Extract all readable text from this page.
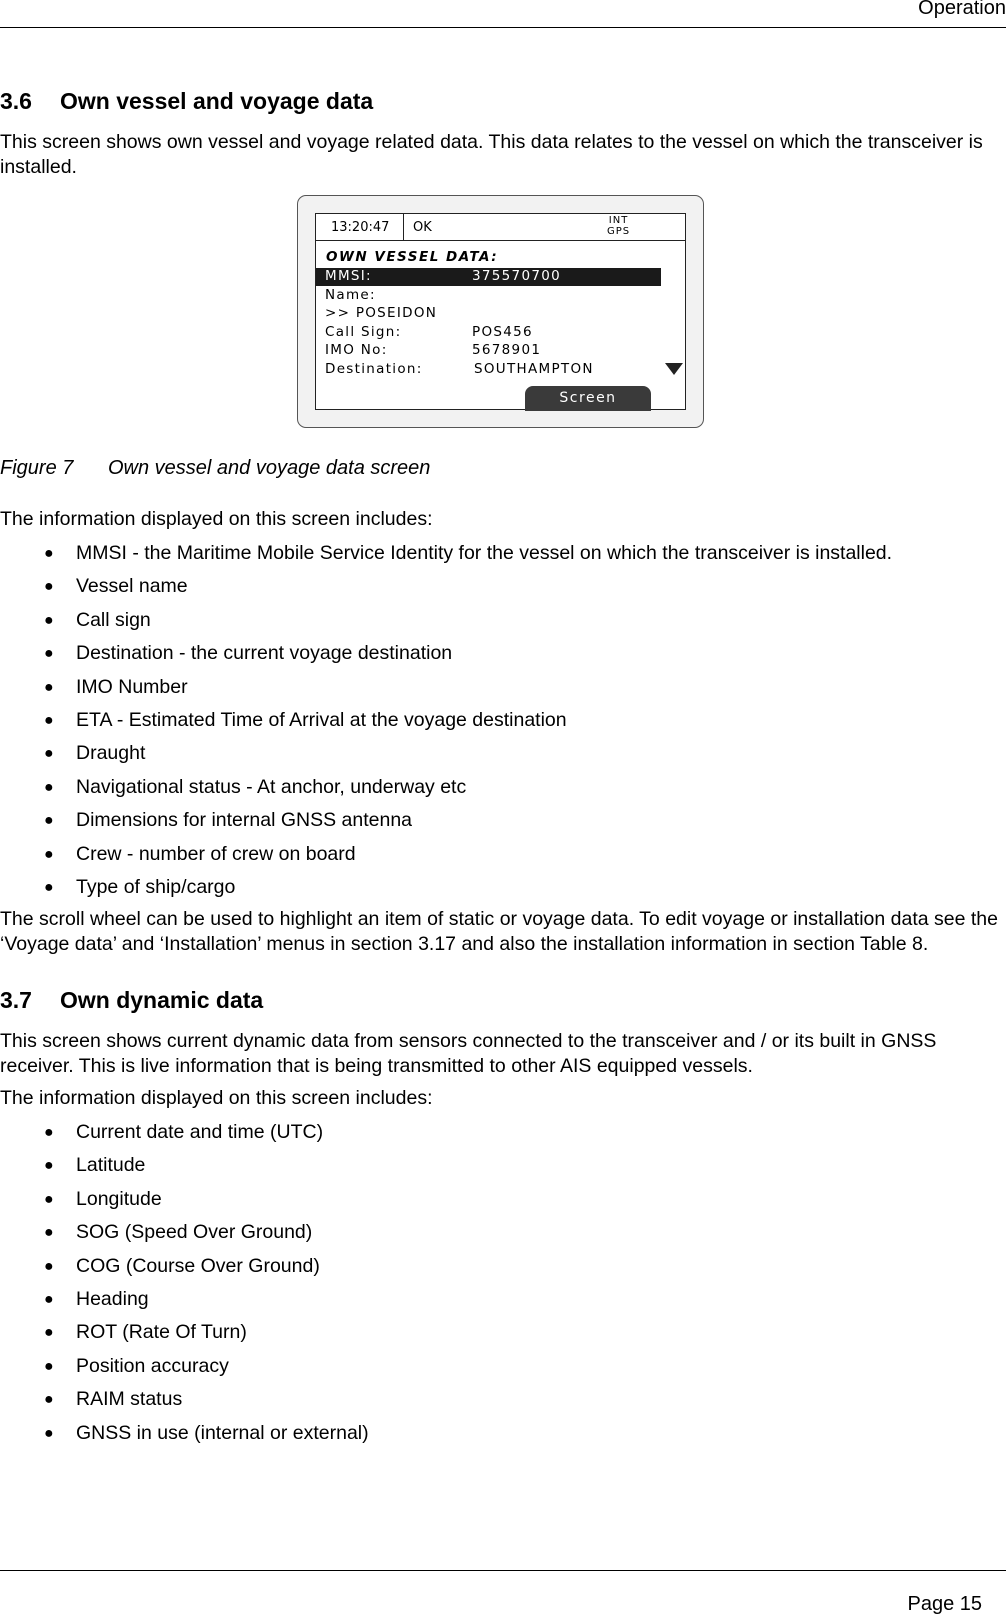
Operation
3.6 Own vessel and voyage data
This screen shows own vessel and voyage related data. This data relates to the vessel on which the transceiver is installed.
13:20:47 OK	INT
GPS
OWN VESSEL DATA:
MMSI:	375570700
Name:
>> POSEIDON
Call Sign:	POS456
IMO No:	5678901
Destination:	SOUTHAMPTON
Screen
Figure 7 Own vessel and voyage data screen
The information displayed on this screen includes:
● MMSI - the Maritime Mobile Service Identity for the vessel on which the transceiver is installed.
● Vessel name
● Call sign
● Destination - the current voyage destination
● IMO Number
● ETA - Estimated Time of Arrival at the voyage destination
● Draught
● Navigational status - At anchor, underway etc
● Dimensions for internal GNSS antenna
● Crew - number of crew on board
● Type of ship/cargo
The scroll wheel can be used to highlight an item of static or voyage data. To edit voyage or installation data see the ‘Voyage data’ and ‘Installation’ menus in section 3.17 and also the installation information in section Table 8.
3.7 Own dynamic data
This screen shows current dynamic data from sensors connected to the transceiver and / or its built in GNSS receiver. This is live information that is being transmitted to other AIS equipped vessels.
The information displayed on this screen includes:
● Current date and time (UTC)
● Latitude
● Longitude
● SOG (Speed Over Ground)
● COG (Course Over Ground)
● Heading
● ROT (Rate Of Turn)
● Position accuracy
● RAIM status
● GNSS in use (internal or external)
Page 15
